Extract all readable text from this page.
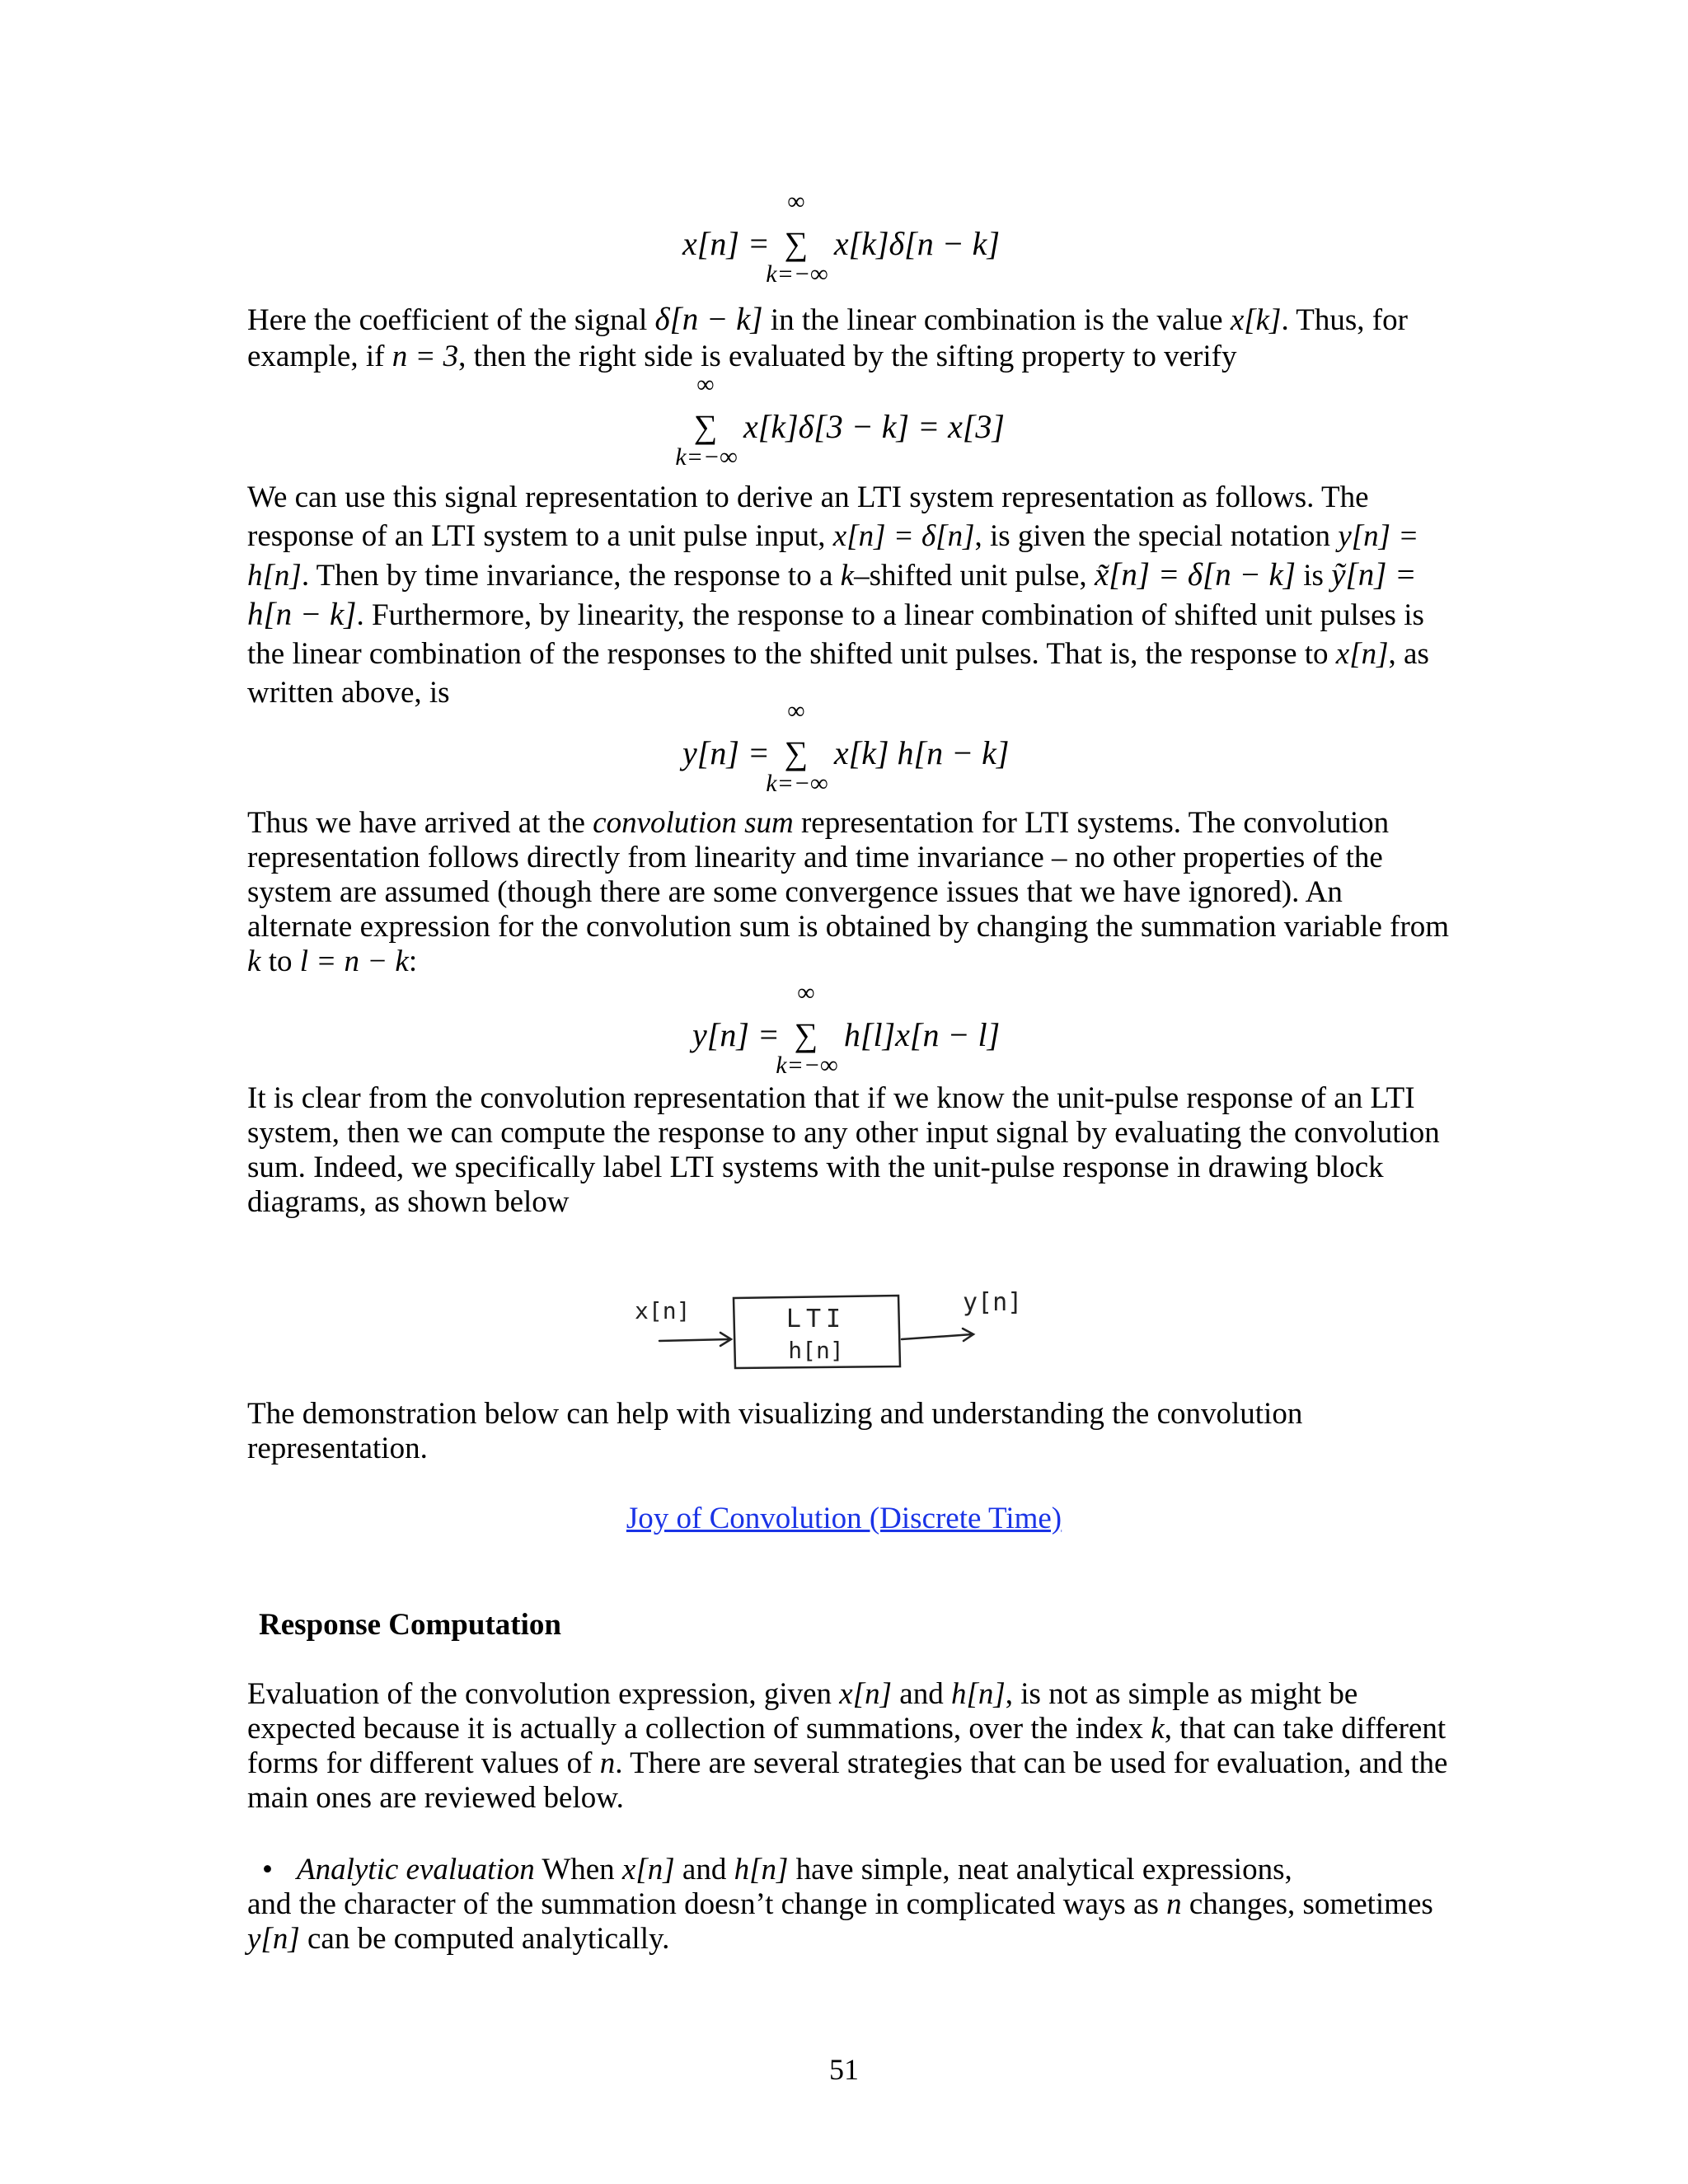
x[n] = ∑
∞
k=−∞
x[k]δ[n − k]
Here the coefficient of the signal δ[n − k] in the linear combination is the value x[k]. Thus, for example, if n = 3, then the right side is evaluated by the sifting property to verify
∑
∞
k=−∞
x[k]δ[3 − k] = x[3]
We can use this signal representation to derive an LTI system representation as follows. The response of an LTI system to a unit pulse input, x[n] = δ[n], is given the special notation y[n] = h[n]. Then by time invariance, the response to a k–shifted unit pulse, x̃[n] = δ[n − k] is ỹ[n] = h[n − k]. Furthermore, by linearity, the response to a linear combination of shifted unit pulses is the linear combination of the responses to the shifted unit pulses. That is, the response to x[n], as written above, is
y[n] = ∑
∞
k=−∞
x[k] h[n − k]
Thus we have arrived at the convolution sum representation for LTI systems. The convolution representation follows directly from linearity and time invariance – no other properties of the system are assumed (though there are some convergence issues that we have ignored). An alternate expression for the convolution sum is obtained by changing the summation variable from k to l = n − k:
y[n] = ∑
∞
k=−∞
h[l]x[n − l]
It is clear from the convolution representation that if we know the unit-pulse response of an LTI system, then we can compute the response to any other input signal by evaluating the convolution sum. Indeed, we specifically label LTI systems with the unit-pulse response in drawing block diagrams, as shown below
x[n]	LTI
h[n]
y[n]
The demonstration below can help with visualizing and understanding the convolution representation.
Joy of Convolution (Discrete Time)
Response Computation
Evaluation of the convolution expression, given x[n] and h[n], is not as simple as might be expected because it is actually a collection of summations, over the index k, that can take different forms for different values of n. There are several strategies that can be used for evaluation, and the main ones are reviewed below.
• Analytic evaluation When x[n] and h[n] have simple, neat analytical expressions,
and the character of the summation doesn’t change in complicated ways as n changes, sometimes y[n] can be computed analytically.
51
